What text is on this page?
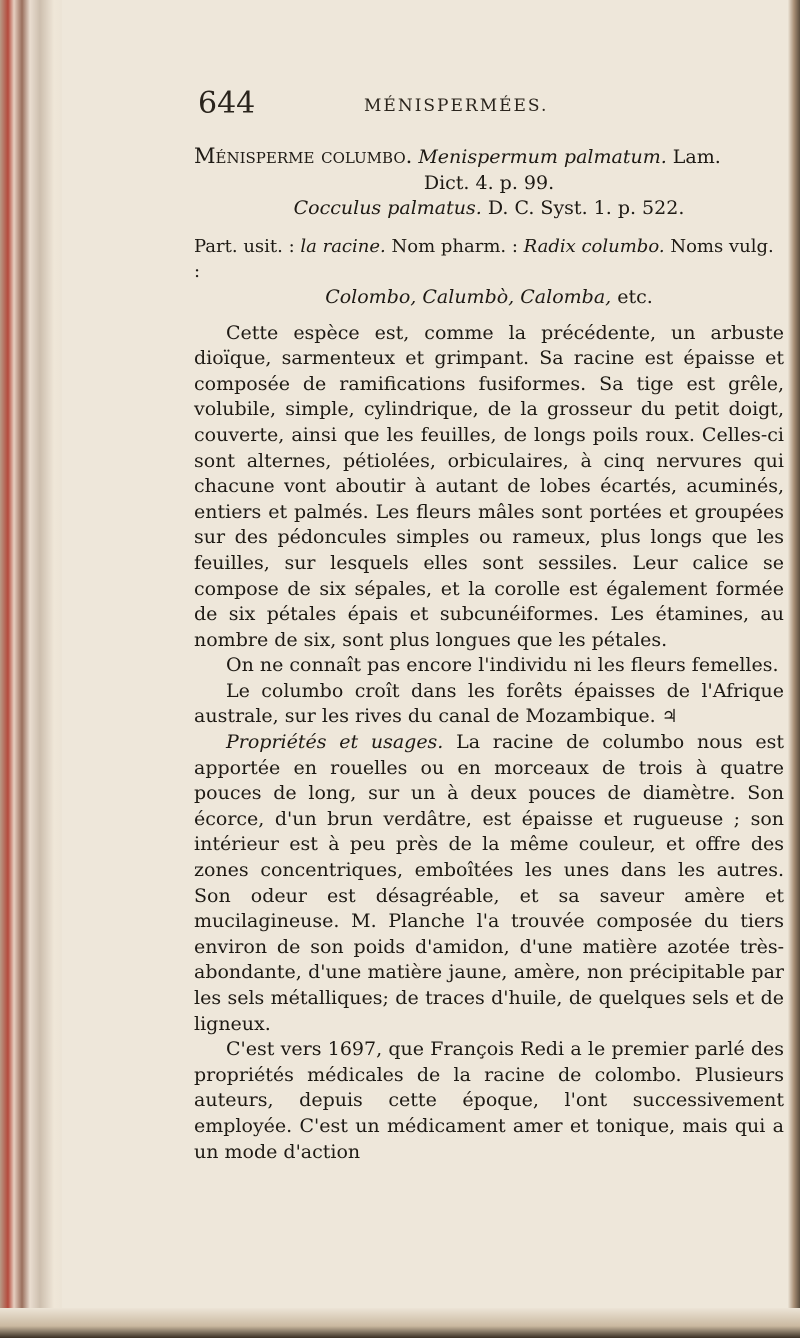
644	MÉNISPERMÉES.

Ménisperme columbo. Menispermum palmatum. Lam.

Dict. 4. p. 99.

Cocculus palmatus. D. C. Syst. 1. p. 522.

Part. usit. : la racine. Nom pharm. : Radix columbo. Noms vulg. :

Colombo, Calumbò, Calomba, etc.

Cette espèce est, comme la précédente, un arbuste dioïque, sarmenteux et grimpant. Sa racine est épaisse et composée de ramifications fusiformes. Sa tige est grêle, volubile, simple, cylindrique, de la grosseur du petit doigt, couverte, ainsi que les feuilles, de longs poils roux. Celles-ci sont alternes, pétiolées, orbiculaires, à cinq nervures qui chacune vont aboutir à autant de lobes écartés, acuminés, entiers et palmés. Les fleurs mâles sont portées et groupées sur des pédoncules simples ou rameux, plus longs que les feuilles, sur lesquels elles sont sessiles. Leur calice se compose de six sépales, et la corolle est également formée de six pétales épais et subcunéiformes. Les étamines, au nombre de six, sont plus longues que les pétales.

On ne connaît pas encore l'individu ni les fleurs femelles.

Le columbo croît dans les forêts épaisses de l'Afrique australe, sur les rives du canal de Mozambique. ♃

Propriétés et usages. La racine de columbo nous est apportée en rouelles ou en morceaux de trois à quatre pouces de long, sur un à deux pouces de diamètre. Son écorce, d'un brun verdâtre, est épaisse et rugueuse ; son intérieur est à peu près de la même couleur, et offre des zones concentriques, emboîtées les unes dans les autres. Son odeur est désagréable, et sa saveur amère et mucilagineuse. M. Planche l'a trouvée composée du tiers environ de son poids d'amidon, d'une matière azotée très-abondante, d'une matière jaune, amère, non précipitable par les sels métalliques; de traces d'huile, de quelques sels et de ligneux.

C'est vers 1697, que François Redi a le premier parlé des propriétés médicales de la racine de colombo. Plusieurs auteurs, depuis cette époque, l'ont successivement employée. C'est un médicament amer et tonique, mais qui a un mode d'action
